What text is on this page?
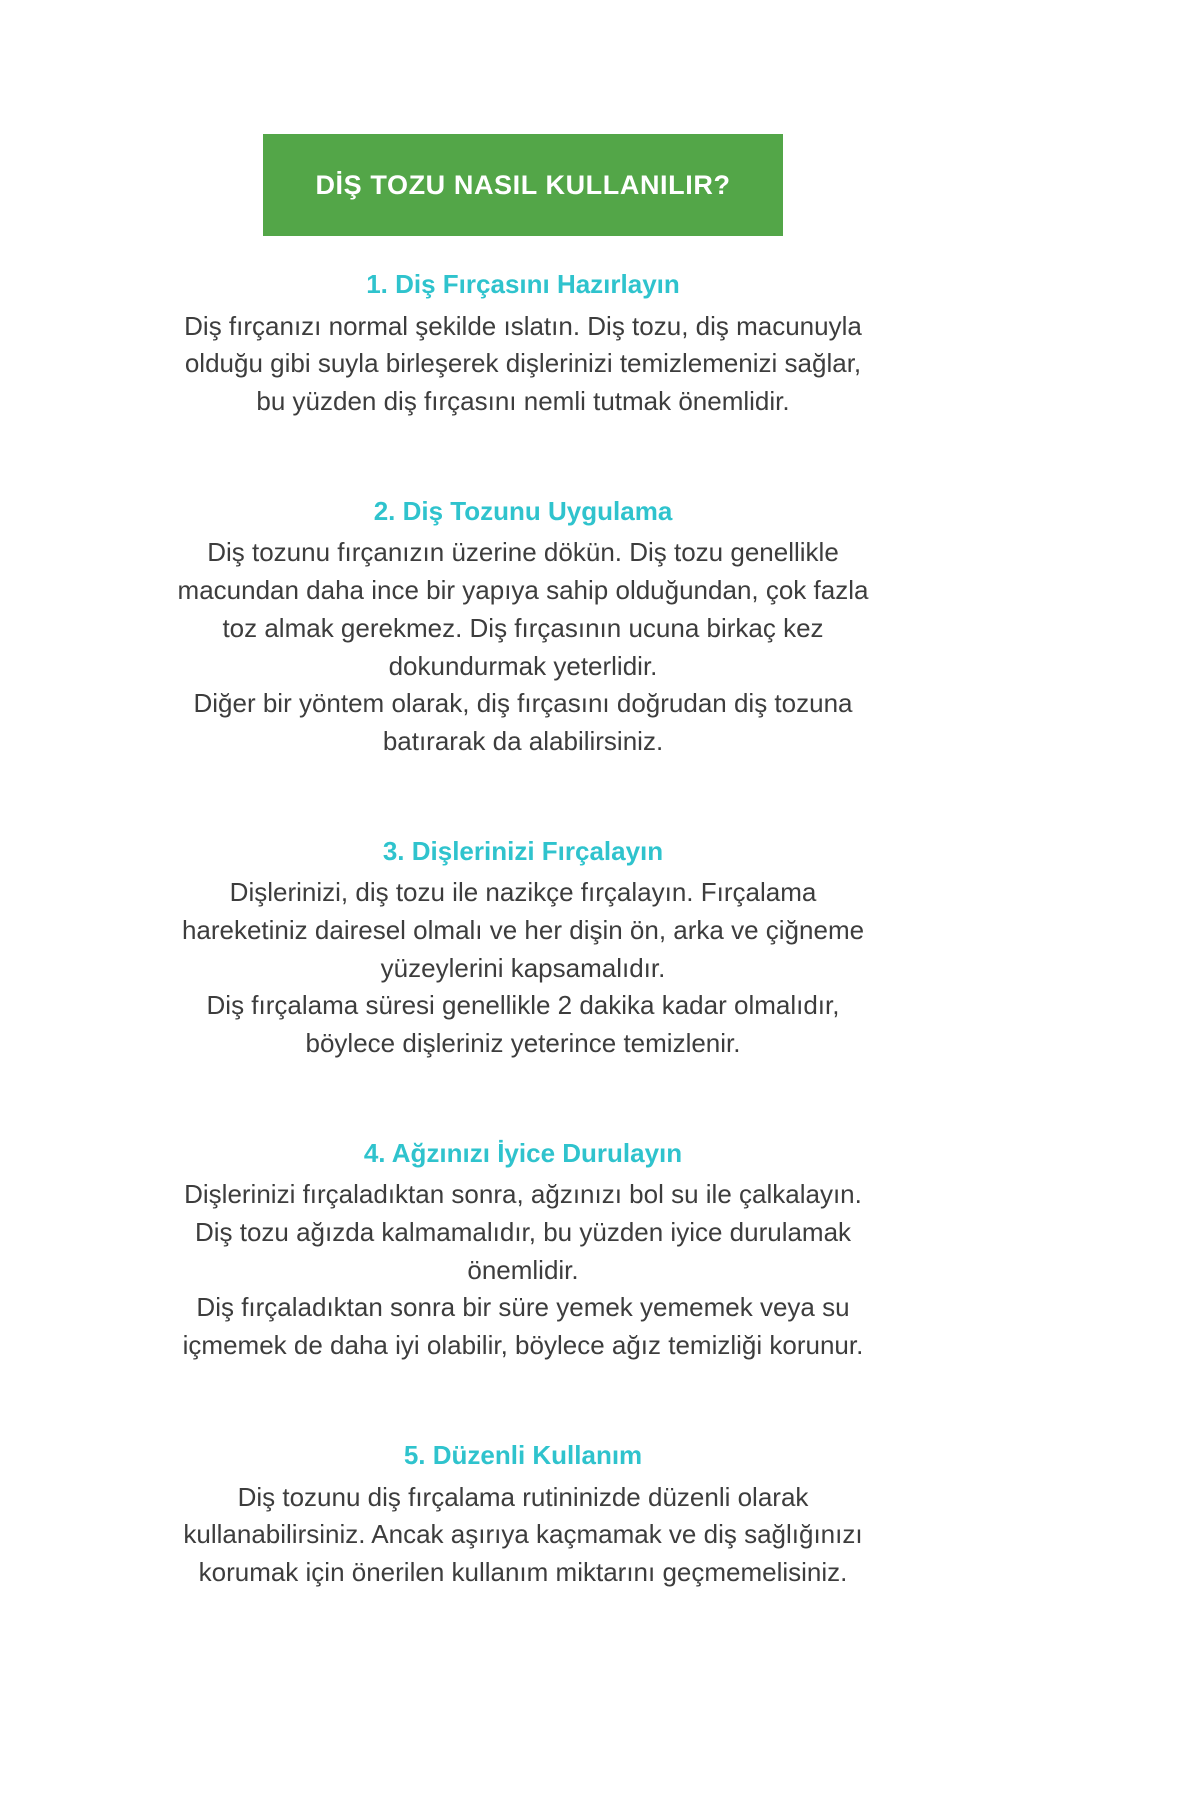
DİŞ TOZU NASIL KULLANILIR?
1. Diş Fırçasını Hazırlayın

Diş fırçanızı normal şekilde ıslatın. Diş tozu, diş macunuyla olduğu gibi suyla birleşerek dişlerinizi temizlemenizi sağlar, bu yüzden diş fırçasını nemli tutmak önemlidir.

2. Diş Tozunu Uygulama

Diş tozunu fırçanızın üzerine dökün. Diş tozu genellikle macundan daha ince bir yapıya sahip olduğundan, çok fazla toz almak gerekmez. Diş fırçasının ucuna birkaç kez dokundurmak yeterlidir.

Diğer bir yöntem olarak, diş fırçasını doğrudan diş tozuna batırarak da alabilirsiniz.

3. Dişlerinizi Fırçalayın

Dişlerinizi, diş tozu ile nazikçe fırçalayın. Fırçalama hareketiniz dairesel olmalı ve her dişin ön, arka ve çiğneme yüzeylerini kapsamalıdır.

Diş fırçalama süresi genellikle 2 dakika kadar olmalıdır, böylece dişleriniz yeterince temizlenir.

4. Ağzınızı İyice Durulayın

Dişlerinizi fırçaladıktan sonra, ağzınızı bol su ile çalkalayın. Diş tozu ağızda kalmamalıdır, bu yüzden iyice durulamak önemlidir.

Diş fırçaladıktan sonra bir süre yemek yememek veya su içmemek de daha iyi olabilir, böylece ağız temizliği korunur.

5. Düzenli Kullanım

Diş tozunu diş fırçalama rutininizde düzenli olarak kullanabilirsiniz. Ancak aşırıya kaçmamak ve diş sağlığınızı korumak için önerilen kullanım miktarını geçmemelisiniz.
